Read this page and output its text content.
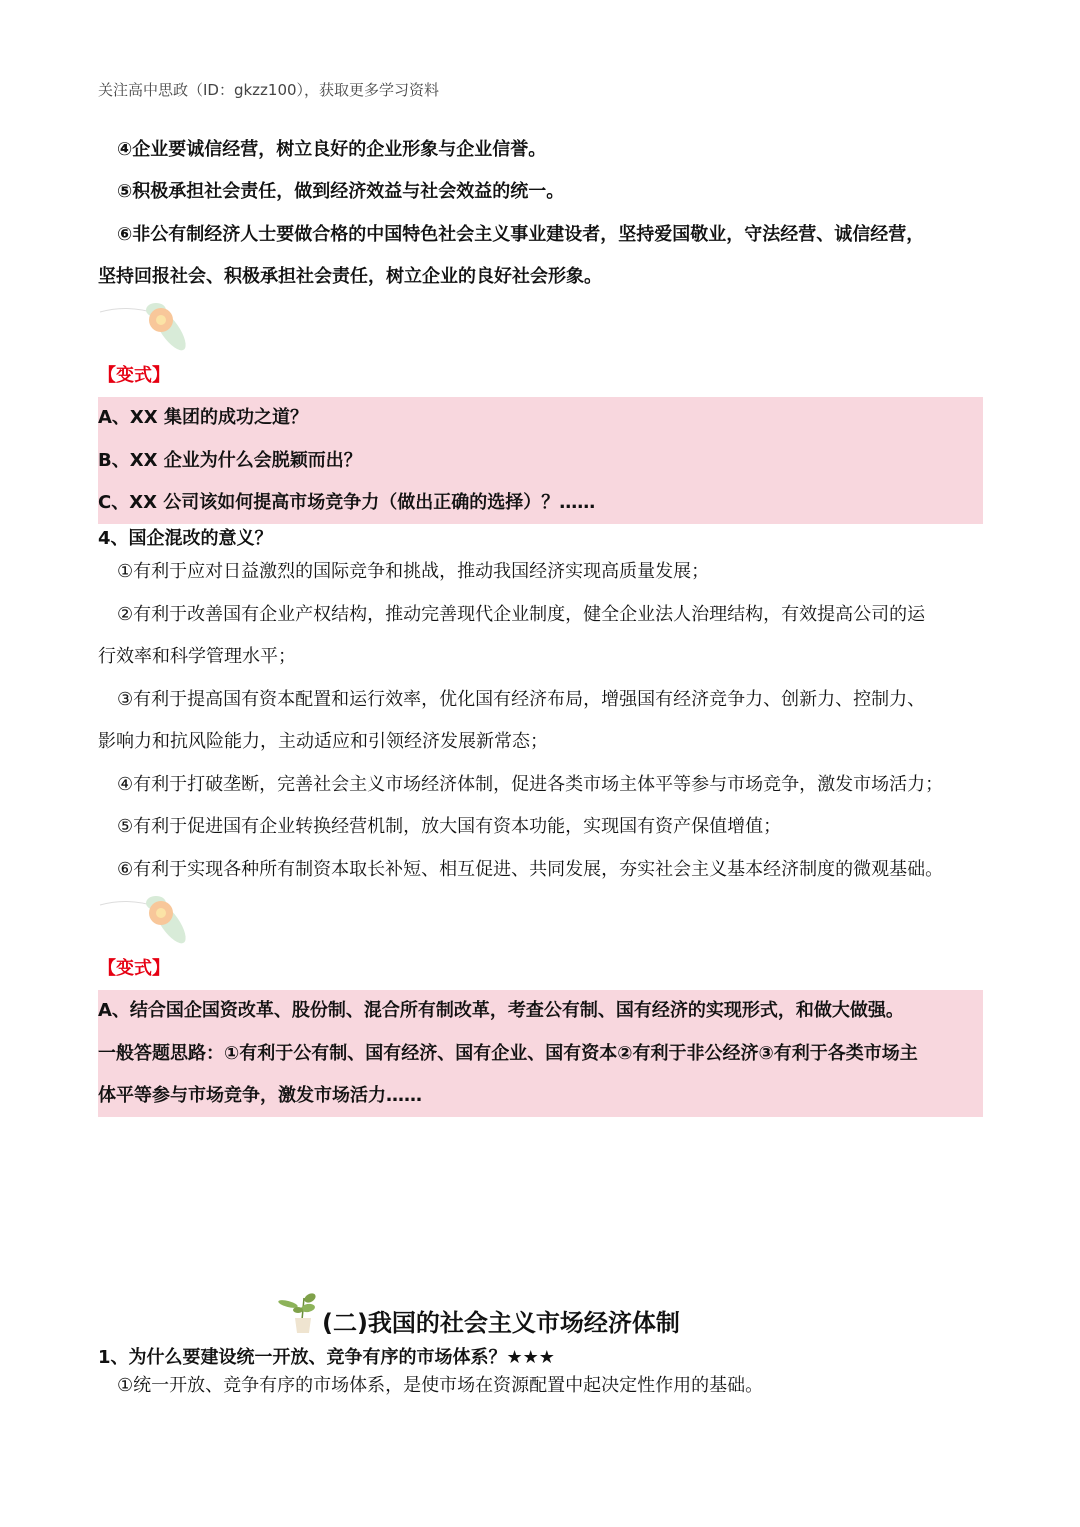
关注高中思政（ID：gkzz100），获取更多学习资料
④企业要诚信经营，树立良好的企业形象与企业信誉。
⑤积极承担社会责任，做到经济效益与社会效益的统一。
⑥非公有制经济人士要做合格的中国特色社会主义事业建设者，坚持爱国敬业，守法经营、诚信经营，
坚持回报社会、积极承担社会责任，树立企业的良好社会形象。
【变式】
A、XX 集团的成功之道？
B、XX 企业为什么会脱颖而出？
C、XX 公司该如何提高市场竞争力（做出正确的选择）？……
4、国企混改的意义？
①有利于应对日益激烈的国际竞争和挑战，推动我国经济实现高质量发展；
②有利于改善国有企业产权结构，推动完善现代企业制度，健全企业法人治理结构，有效提高公司的运
行效率和科学管理水平；
③有利于提高国有资本配置和运行效率，优化国有经济布局，增强国有经济竞争力、创新力、控制力、
影响力和抗风险能力，主动适应和引领经济发展新常态；
④有利于打破垄断，完善社会主义市场经济体制，促进各类市场主体平等参与市场竞争，激发市场活力；
⑤有利于促进国有企业转换经营机制，放大国有资本功能，实现国有资产保值增值；
⑥有利于实现各种所有制资本取长补短、相互促进、共同发展，夯实社会主义基本经济制度的微观基础。
【变式】
A、结合国企国资改革、股份制、混合所有制改革，考查公有制、国有经济的实现形式，和做大做强。
一般答题思路：①有利于公有制、国有经济、国有企业、国有资本②有利于非公经济③有利于各类市场主
体平等参与市场竞争，激发市场活力……
(二)我国的社会主义市场经济体制
1、为什么要建设统一开放、竞争有序的市场体系？★★★
①统一开放、竞争有序的市场体系，是使市场在资源配置中起决定性作用的基础。
